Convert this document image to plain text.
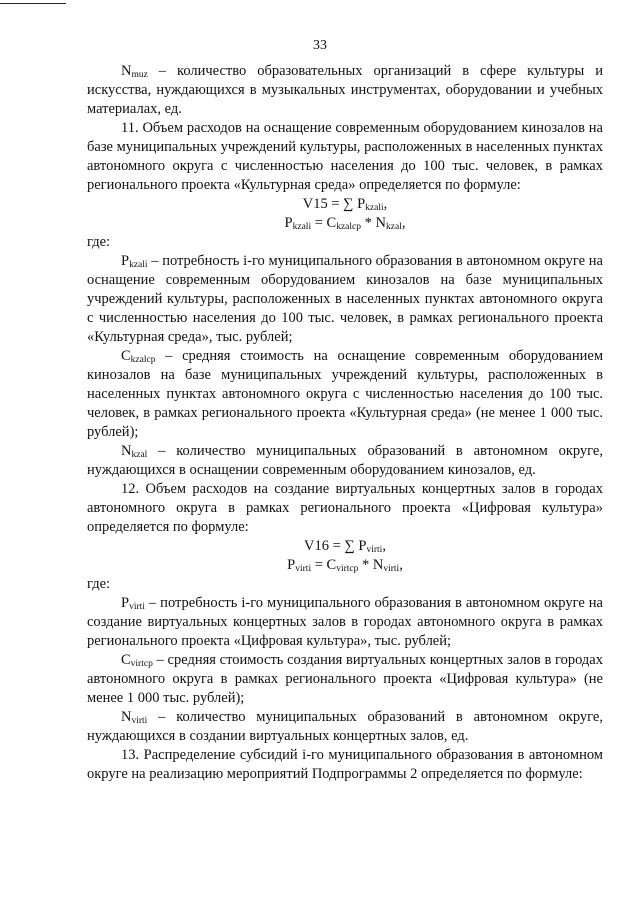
33

$N_{muz}$ – количество образовательных организаций в сфере культуры и искусства, нуждающихся в музыкальных инструментах, оборудовании и учебных материалах, ед.

11. Объем расходов на оснащение современным оборудованием кинозалов на базе муниципальных учреждений культуры, расположенных в населенных пунктах автономного округа с численностью населения до 100 тыс. человек, в рамках регионального проекта «Культурная среда» определяется по формуле:

V15 = ∑ $P_{kzali}$,

$P_{kzali} = C_{kzalср} * N_{kzal}$,

где:

$P_{kzali}$ – потребность i-го муниципального образования в автономном округе на оснащение современным оборудованием кинозалов на базе муниципальных учреждений культуры, расположенных в населенных пунктах автономного округа с численностью населения до 100 тыс. человек, в рамках регионального проекта «Культурная среда», тыс. рублей;

$C_{kzalср}$ – средняя стоимость на оснащение современным оборудованием кинозалов на базе муниципальных учреждений культуры, расположенных в населенных пунктах автономного округа с численностью населения до 100 тыс. человек, в рамках регионального проекта «Культурная среда» (не менее 1 000 тыс. рублей);

$N_{kzal}$ – количество муниципальных образований в автономном округе, нуждающихся в оснащении современным оборудованием кинозалов, ед.

12. Объем расходов на создание виртуальных концертных залов в городах автономного округа в рамках регионального проекта «Цифровая культура» определяется по формуле:

V16 = ∑ $P_{virti}$,

$P_{virti} = C_{virtср} * N_{virti}$,

где:

$P_{virti}$ – потребность i-го муниципального образования в автономном округе на создание виртуальных концертных залов в городах автономного округа в рамках регионального проекта «Цифровая культура», тыс. рублей;

$C_{virtср}$ – средняя стоимость создания виртуальных концертных залов в городах автономного округа в рамках регионального проекта «Цифровая культура» (не менее 1 000 тыс. рублей);

$N_{virti}$ – количество муниципальных образований в автономном округе, нуждающихся в создании виртуальных концертных залов, ед.

13. Распределение субсидий i-го муниципального образования в автономном округе на реализацию мероприятий Подпрограммы 2 определяется по формуле:
